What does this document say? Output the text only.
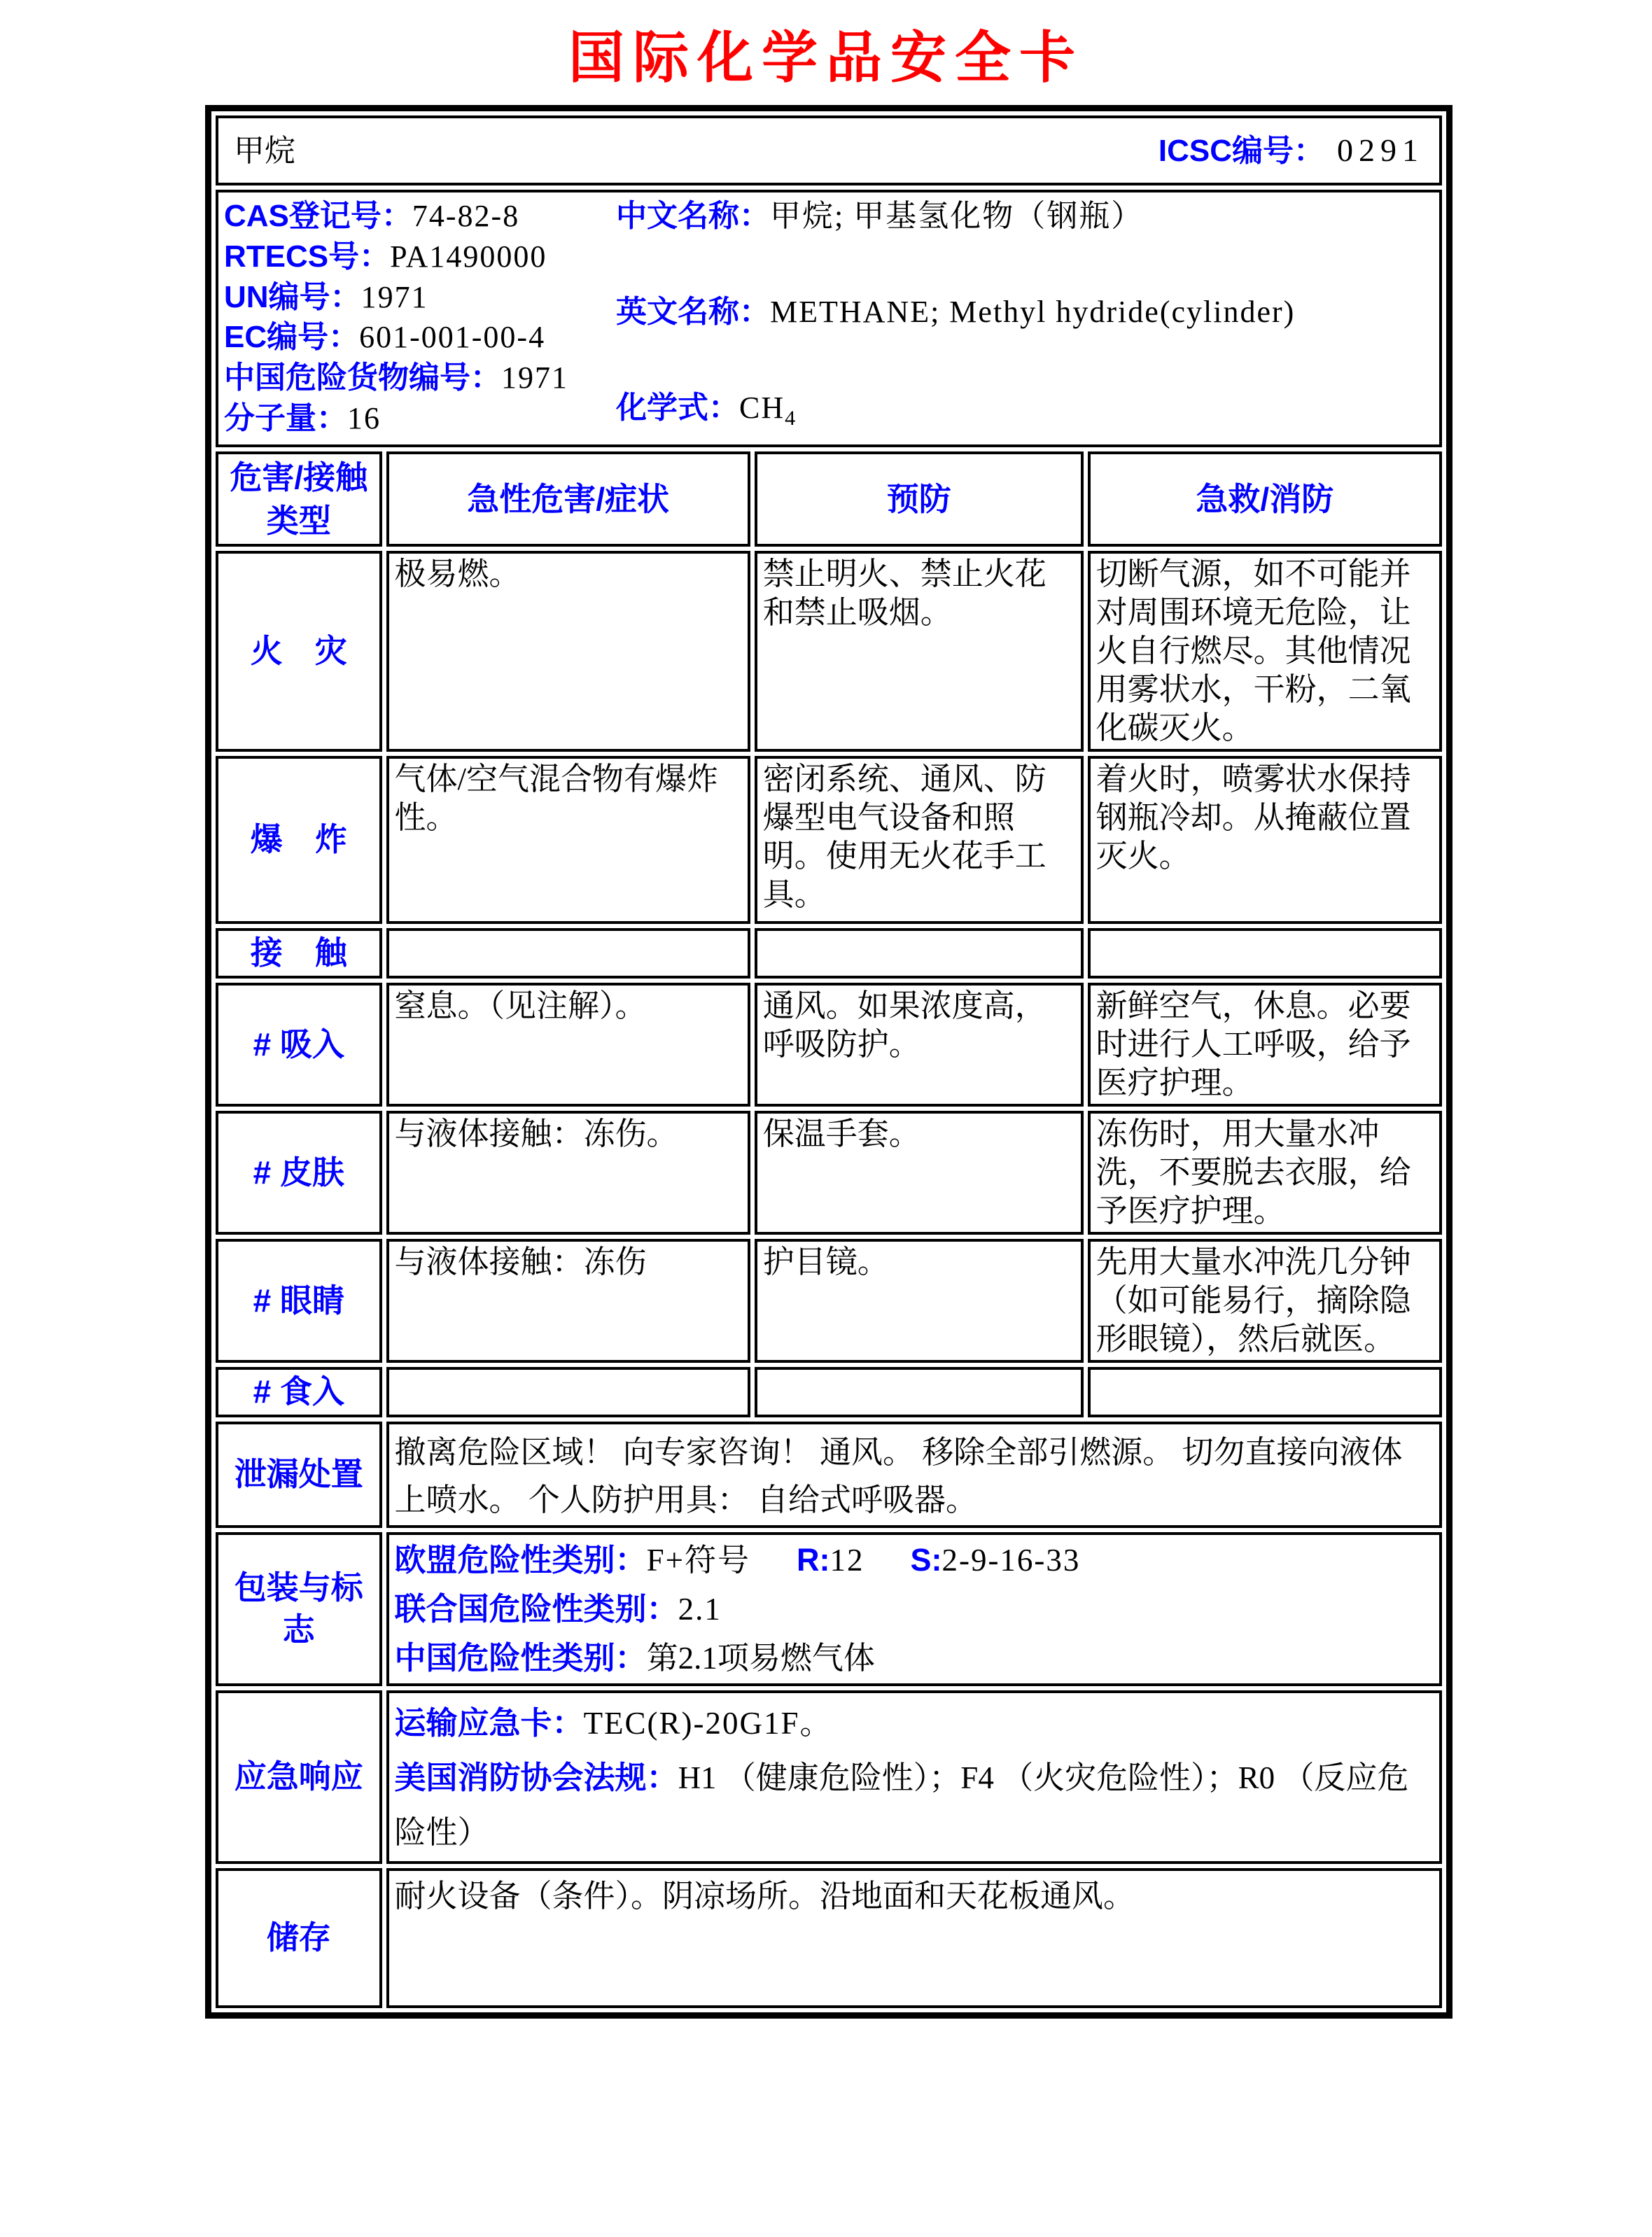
国际化学品安全卡
甲烷 ICSC编号： 0291			

CAS登记号：74-82-8
RTECS号：PA1490000
UN编号：1971
EC编号：601-001-00-4
中国危险货物编号：1971
分子量：16
中文名称：甲烷; 甲基氢化物（钢瓶）
英文名称：METHANE; Methyl hydride(cylinder)
化学式：$CH_4$

危害/接触
类型	急性危害/症状	预防	急救/消防
火　灾	极易燃。	禁止明火、禁止火花和禁止吸烟。	切断气源，如不可能并对周围环境无危险，让火自行燃尽。其他情况用雾状水，干粉，二氧化碳灭火。
爆　炸	气体/空气混合物有爆炸性。	密闭系统、通风、防爆型电气设备和照明。使用无火花手工具。	着火时，喷雾状水保持钢瓶冷却。从掩蔽位置灭火。
接　触			
# 吸入	窒息。（见注解）。	通风。如果浓度高，呼吸防护。	新鲜空气，休息。必要时进行人工呼吸，给予医疗护理。
# 皮肤	与液体接触：冻伤。	保温手套。	冻伤时，用大量水冲洗，不要脱去衣服，给予医疗护理。
# 眼睛	与液体接触：冻伤	护目镜。	先用大量水冲洗几分钟（如可能易行，摘除隐形眼镜），然后就医。
# 食入			
泄漏处置	撤离危险区域！ 向专家咨询！ 通风。 移除全部引燃源。 切勿直接向液体上喷水。 个人防护用具： 自给式呼吸器。		
包装与标志	欧盟危险性类别：F+符号 R:12 S:2-9-16-33
联合国危险性类别：2.1
中国危险性类别：第2.1项易燃气体		

应急响应	运输应急卡：TEC(R)-20G1F。
美国消防协会法规：H1 （健康危险性）；F4 （火灾危险性）；R0 （反应危险性）		

储存	耐火设备（条件）。阴凉场所。沿地面和天花板通风。		
